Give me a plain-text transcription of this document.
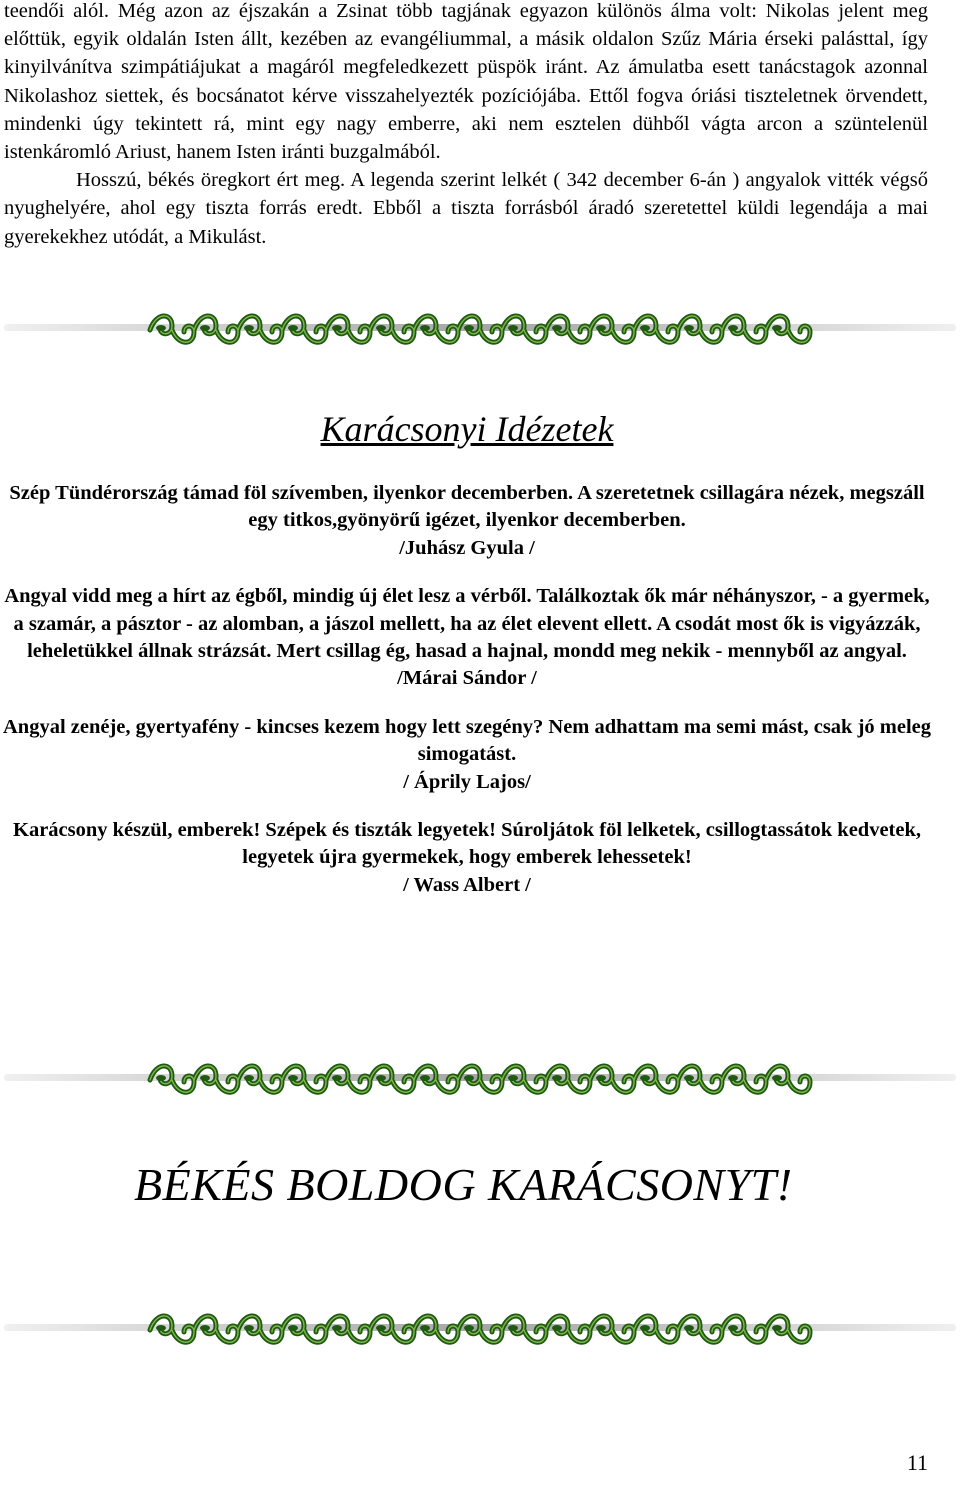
teendői alól. Még azon az éjszakán a Zsinat több tagjának egyazon különös álma volt: Nikolas jelent meg előttük, egyik oldalán Isten állt, kezében az evangéliummal, a másik oldalon Szűz Mária érseki palásttal, így kinyilvánítva szimpátiájukat a magáról megfeledkezett püspök iránt. Az ámulatba esett tanácstagok azonnal Nikolashoz siettek, és bocsánatot kérve visszahelyezték pozíciójába. Ettől fogva óriási tiszteletnek örvendett, mindenki úgy tekintett rá, mint egy nagy emberre, aki nem esztelen dühből vágta arcon a szüntelenül istenkáromló Ariust, hanem Isten iránti buzgalmából.

Hosszú, békés öregkort ért meg. A legenda szerint lelkét ( 342 december 6-án ) angyalok vitték végső nyughelyére, ahol egy tiszta forrás eredt. Ebből a tiszta forrásból áradó szeretettel küldi legendája a mai gyerekekhez utódát, a Mikulást.

Karácsonyi Idézetek
Szép Tündérország támad föl szívemben, ilyenkor decemberben. A szeretetnek csillagára nézek, megszáll egy titkos,gyönyörű igézet, ilyenkor decemberben.
/Juhász Gyula /
Angyal vidd meg a hírt az égből, mindig új élet lesz a vérből. Találkoztak ők már néhányszor, - a gyermek, a szamár, a pásztor - az alomban, a jászol mellett, ha az élet elevent ellett. A csodát most ők is vigyázzák, leheletükkel állnak strázsát. Mert csillag ég, hasad a hajnal, mondd meg nekik - mennyből az angyal.
/Márai Sándor /
Angyal zenéje, gyertyafény - kincses kezem hogy lett szegény? Nem adhattam ma semi mást, csak jó meleg simogatást.
/ Áprily Lajos/
Karácsony készül, emberek! Szépek és tiszták legyetek! Súroljátok föl lelketek, csillogtassátok kedvetek, legyetek újra gyermekek, hogy emberek lehessetek!
/ Wass Albert /
BÉKÉS BOLDOG KARÁCSONYT!
11
